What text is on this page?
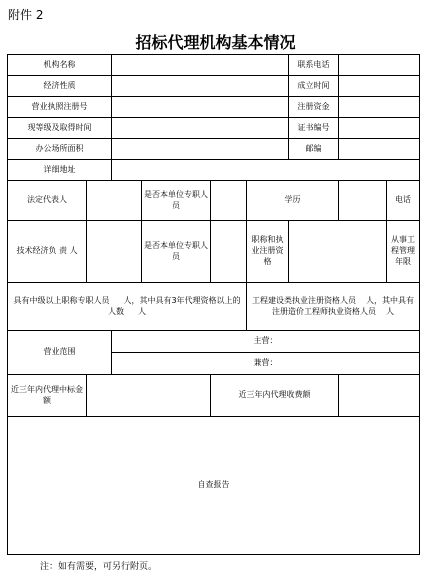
附件 2
招标代理机构基本情况
机构名称						联系电话		
经济性质						成立时间		
营业执照注册号						注册资金		
现等级及取得时间						证书编号		
办公场所面积						邮编		
详细地址								
法定代表人			是否本单位专职人员		学历			电话
技术经济负 责 人			是否本单位专职人员		职称和执业注册资格			从事工程管理年限
具有中级以上职称专职人员 人，其中具有3年代理资格以上的人数 人					工程建设类执业注册资格人员 人，其中具有注册造价工程师执业资格人员 人			
营业范围		主营：						
		兼营：						
近三年内代理中标金额				近三年内代理收费额				
自查报告								
注：如有需要，可另行附页。
